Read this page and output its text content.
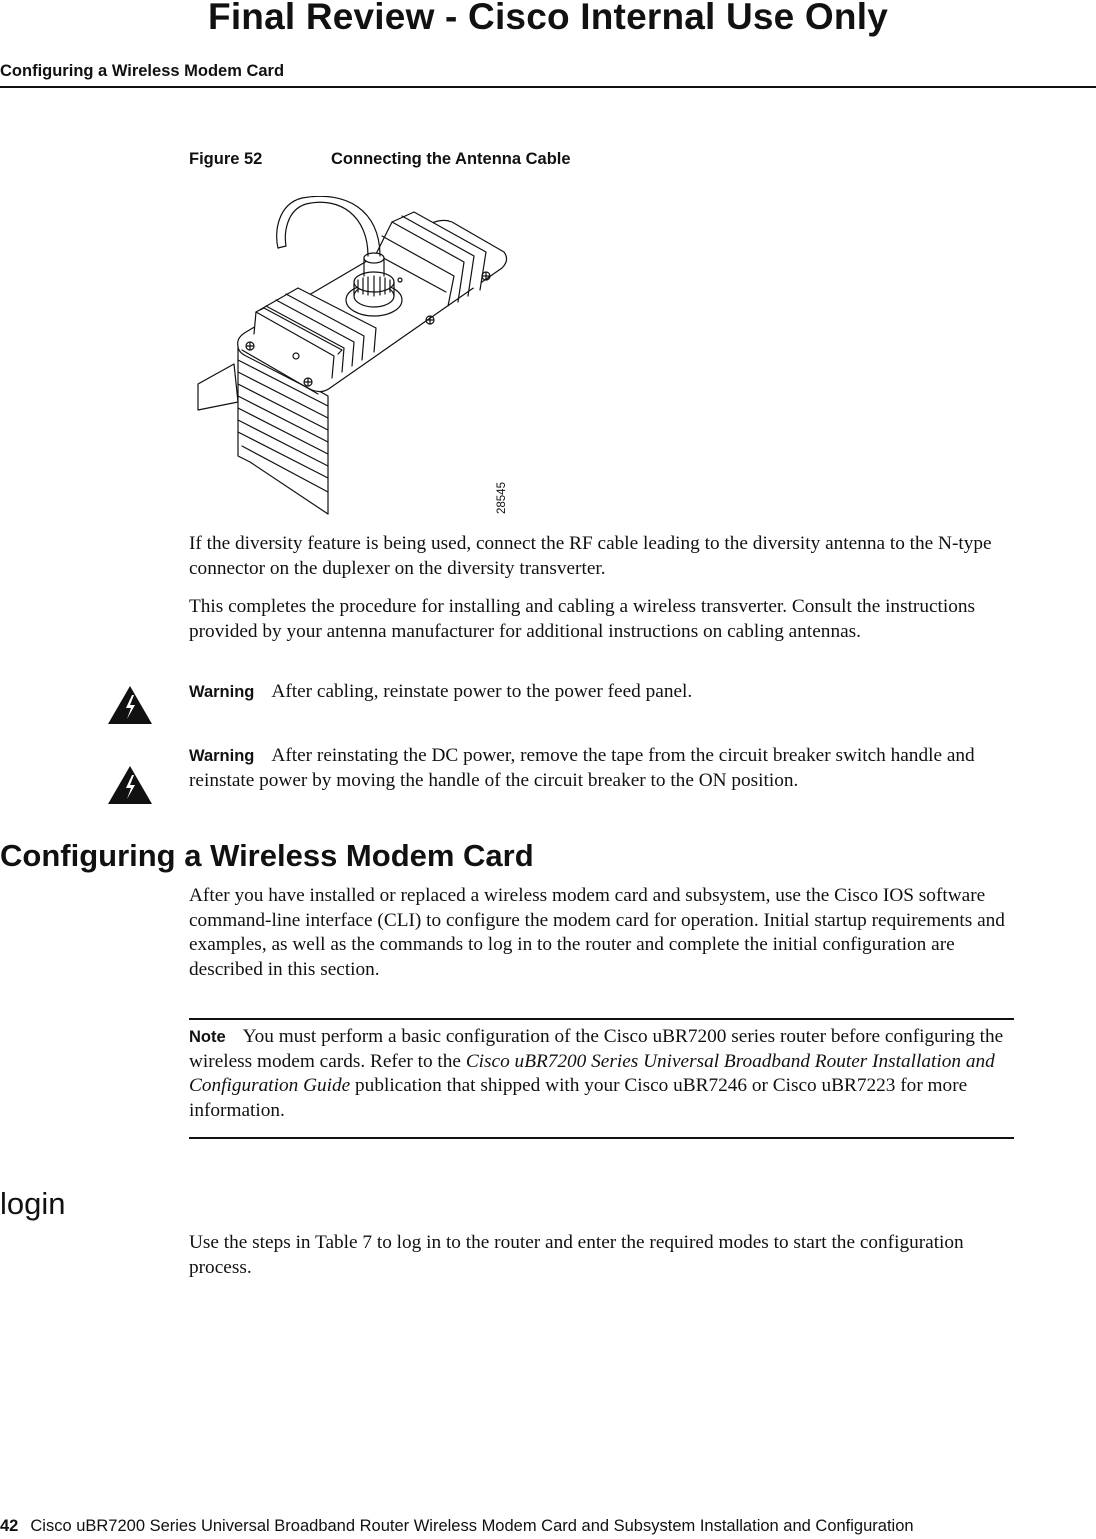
Final Review - Cisco Internal Use Only
Configuring a Wireless Modem Card
Figure 52	Connecting the Antenna Cable
28545
If the diversity feature is being used, connect the RF cable leading to the diversity antenna to the N-type connector on the duplexer on the diversity transverter.
This completes the procedure for installing and cabling a wireless transverter. Consult the instructions provided by your antenna manufacturer for additional instructions on cabling antennas.
Warning After cabling, reinstate power to the power feed panel.
Warning After reinstating the DC power, remove the tape from the circuit breaker switch handle and reinstate power by moving the handle of the circuit breaker to the ON position.
Configuring a Wireless Modem Card
After you have installed or replaced a wireless modem card and subsystem, use the Cisco IOS software command-line interface (CLI) to configure the modem card for operation. Initial startup requirements and examples, as well as the commands to log in to the router and complete the initial configuration are described in this section.
Note You must perform a basic configuration of the Cisco uBR7200 series router before configuring the wireless modem cards. Refer to the Cisco uBR7200 Series Universal Broadband Router Installation and Configuration Guide publication that shipped with your Cisco uBR7246 or Cisco uBR7223 for more information.
login
Use the steps in Table 7 to log in to the router and enter the required modes to start the configuration process.
42 Cisco uBR7200 Series Universal Broadband Router Wireless Modem Card and Subsystem Installation and Configuration
